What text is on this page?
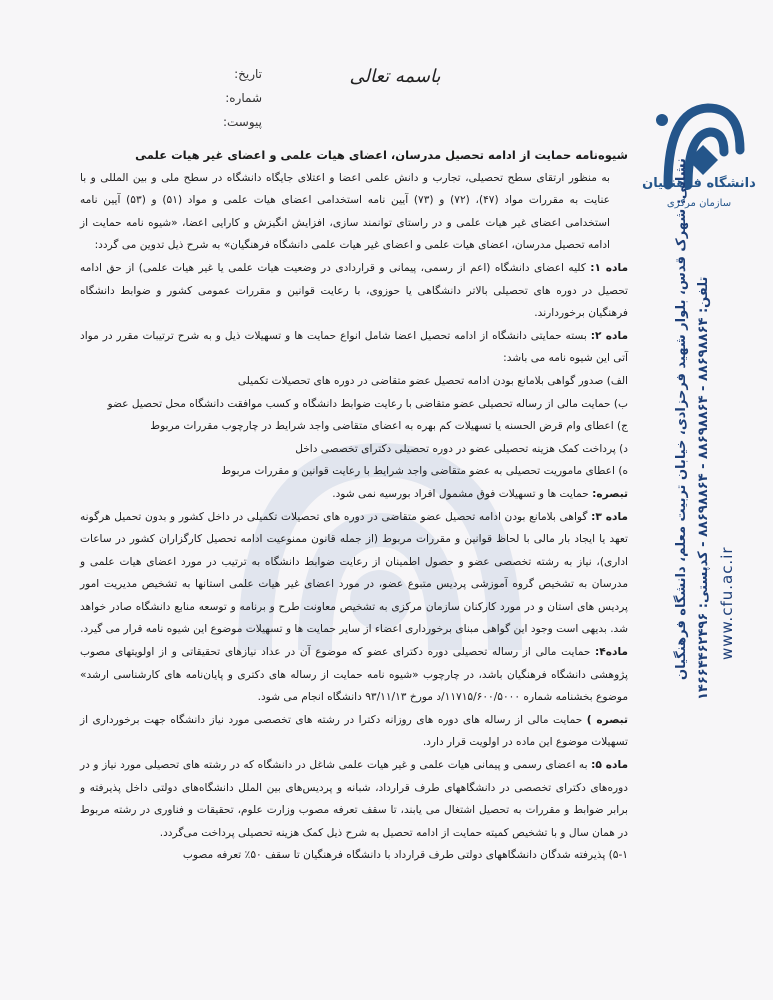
تاریخ:
شماره:
پیوست:
باسمه تعالی
دانشگاه فرهنگیان
سازمان مرکزی
نشانی: شهرک قدس، بلوار شهید فرحزادی، خیابان تربیت معلم، دانشگاه فرهنگیان تلفن: ۸۸۶۹۸۸۶۴ - ۸۸۶۹۸۸۶۴ - ۸۸۶۹۸۸۶۴ - کدپستی: ۱۴۶۶۴۴۶۲۴۹۶
www.cfu.ac.ir

شیوه‌نامه حمایت از ادامه تحصیل مدرسان، اعضای هیات علمی و اعضای غیر هیات علمی

به منظور ارتقای سطح تحصیلی، تجارب و دانش علمی اعضا و اعتلای جایگاه دانشگاه در سطح ملی و بین المللی و با عنایت به مقررات مواد (۴۷)، (۷۲) و (۷۳) آیین نامه استخدامی اعضای هیات علمی و مواد (۵۱) و (۵۳) آیین نامه استخدامی اعضای غیر هیات علمی و در راستای توانمند سازی، افزایش انگیزش و کارایی اعضا، «شیوه نامه حمایت از ادامه تحصیل مدرسان، اعضای هیات علمی و اعضای غیر هیات علمی دانشگاه فرهنگیان» به شرح ذیل تدوین می گردد:

ماده ۱: کلیه اعضای دانشگاه (اعم از رسمی، پیمانی و قراردادی در وضعیت هیات علمی یا غیر هیات علمی) از حق ادامه تحصیل در دوره های تحصیلی بالاتر دانشگاهی یا حوزوی، با رعایت قوانین و مقررات عمومی کشور و ضوابط دانشگاه فرهنگیان برخوردارند.

ماده ۲: بسته حمایتی دانشگاه از ادامه تحصیل اعضا شامل انواع حمایت ها و تسهیلات ذیل و به شرح ترتیبات مقرر در مواد آتی این شیوه نامه می باشد:

الف) صدور گواهی بلامانع بودن ادامه تحصیل عضو متقاضی در دوره های تحصیلات تکمیلی

ب) حمایت مالی از رساله تحصیلی عضو متقاضی با رعایت ضوابط دانشگاه و کسب موافقت دانشگاه محل تحصیل عضو

ج) اعطای وام قرض الحسنه یا تسهیلات کم بهره به اعضای متقاضی واجد شرایط در چارچوب مقررات مربوط

د) پرداخت کمک هزینه تحصیلی عضو در دوره تحصیلی دکترای تخصصی داخل

ه) اعطای ماموریت تحصیلی به عضو متقاضی واجد شرایط با رعایت قوانین و مقررات مربوط

تبصره: حمایت ها و تسهیلات فوق مشمول افراد بورسیه نمی شود.

ماده ۳: گواهی بلامانع بودن ادامه تحصیل عضو متقاضی در دوره های تحصیلات تکمیلی در داخل کشور و بدون تحمیل هرگونه تعهد یا ایجاد بار مالی با لحاظ قوانین و مقررات مربوط (از جمله قانون ممنوعیت ادامه تحصیل کارگزاران کشور در ساعات اداری)، نیاز به رشته تخصصی عضو و حصول اطمینان از رعایت ضوابط دانشگاه به ترتیب در مورد اعضای هیات علمی و مدرسان به تشخیص گروه آموزشی پردیس متبوع عضو، در مورد اعضای غیر هیات علمی استانها به تشخیص مدیریت امور پردیس های استان و در مورد کارکنان سازمان مرکزی به تشخیص معاونت طرح و برنامه و توسعه منابع دانشگاه صادر خواهد شد. بدیهی است وجود این گواهی مبنای برخورداری اعضاء از سایر حمایت ها و تسهیلات موضوع این شیوه نامه قرار می گیرد.

ماده۴: حمایت مالی از رساله تحصیلی دوره دکترای عضو که موضوع آن در عداد نیازهای تحقیقاتی و از اولویتهای مصوب پژوهشی دانشگاه فرهنگیان باشد، در چارچوب «شیوه نامه حمایت از رساله های دکتری و پایان‌نامه های کارشناسی ارشد» موضوع بخشنامه شماره ۱۱۷۱۵/۶۰۰/۵۰۰۰/د مورخ ۹۳/۱۱/۱۳ دانشگاه انجام می شود.

تبصره ) حمایت مالی از رساله های دوره های روزانه دکترا در رشته های تخصصی مورد نیاز دانشگاه جهت برخورداری از تسهیلات موضوع این ماده در اولویت قرار دارد.

ماده ۵: به اعضای رسمی و پیمانی هیات علمی و غیر هیات علمی شاغل در دانشگاه که در رشته های تحصیلی مورد نیاز و در دوره‌های دکترای تخصصی در دانشگاههای طرف قرارداد، شبانه و پردیس‌های بین الملل دانشگاه‌های دولتی داخل پذیرفته و برابر ضوابط و مقررات به تحصیل اشتغال می یابند، تا سقف تعرفه مصوب وزارت علوم، تحقیقات و فناوری در رشته مربوط در همان سال و با تشخیص کمیته حمایت از ادامه تحصیل به شرح ذیل کمک هزینه تحصیلی پرداخت می‌گردد.

۵-۱) پذیرفته شدگان دانشگاههای دولتی طرف قرارداد با دانشگاه فرهنگیان تا سقف ۵۰٪ تعرفه مصوب
